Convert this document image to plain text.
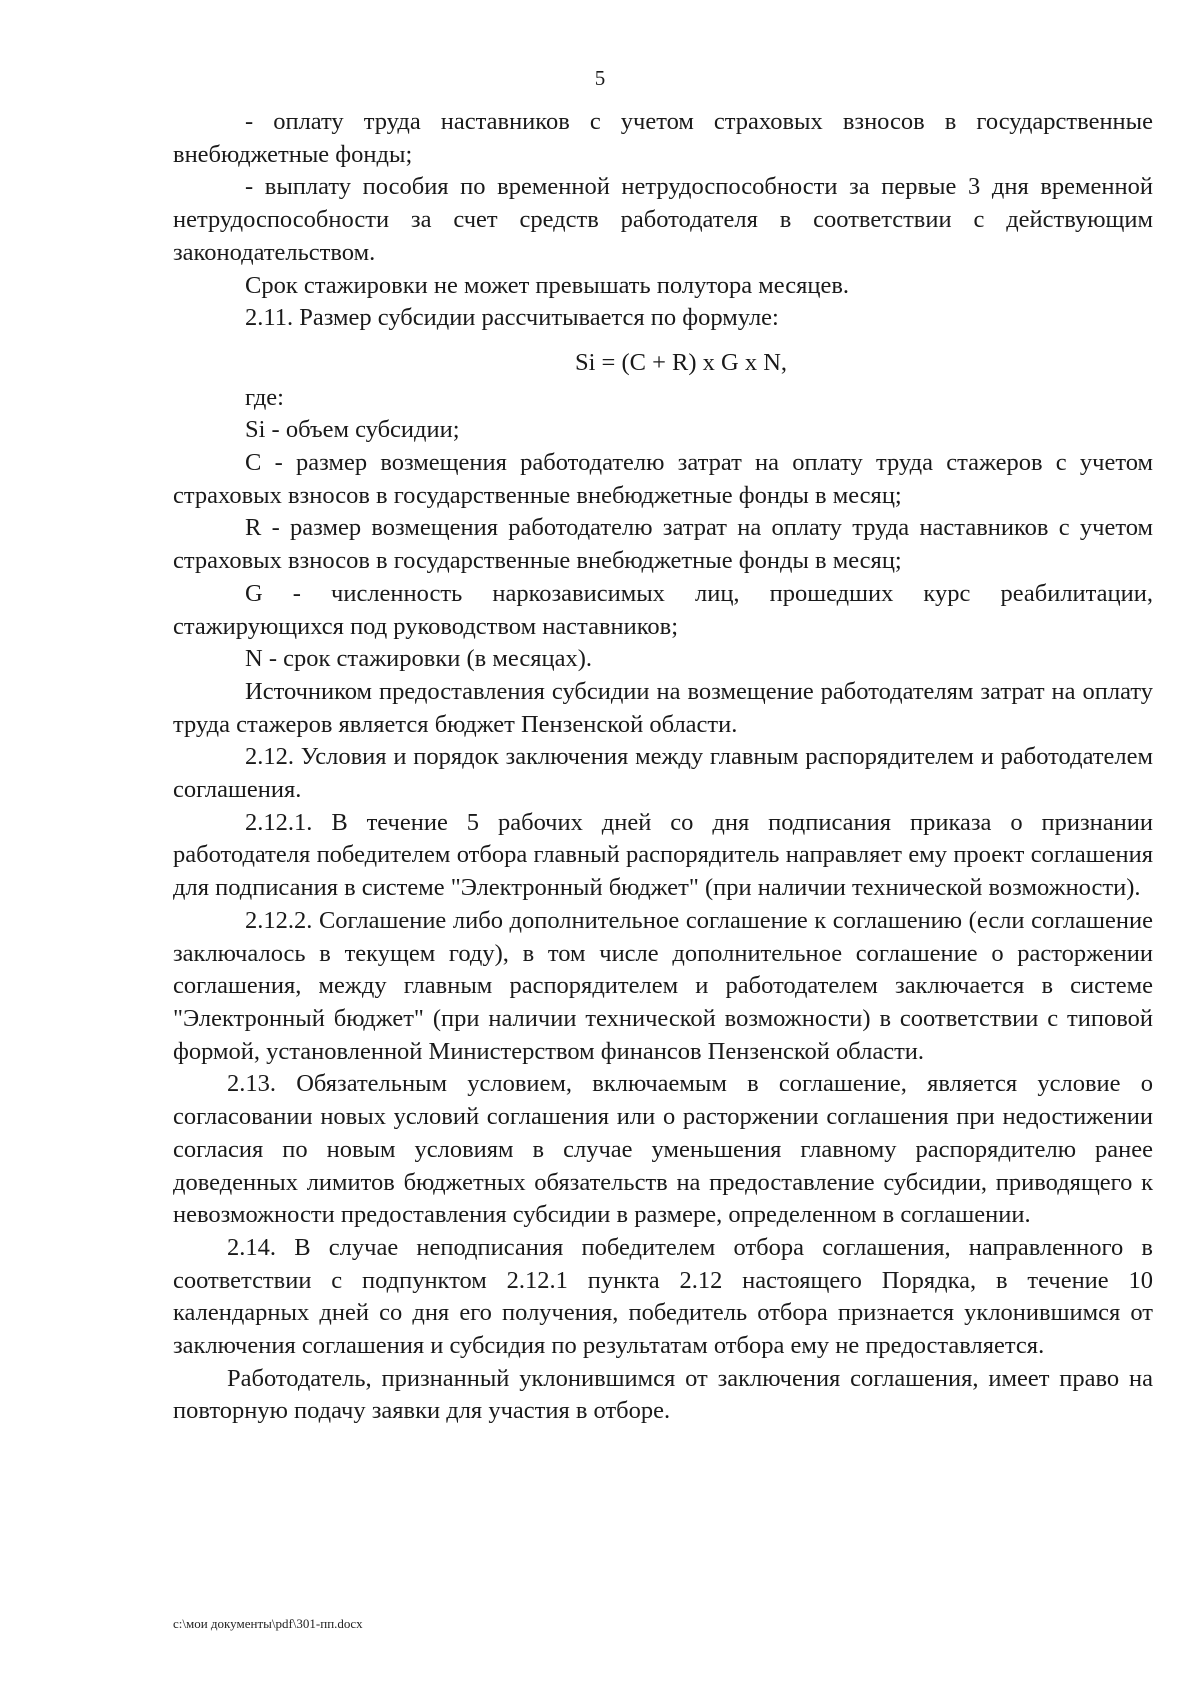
5

- оплату труда наставников с учетом страховых взносов в государственные внебюджетные фонды;

- выплату пособия по временной нетрудоспособности за первые 3 дня временной нетрудоспособности за счет средств работодателя в соответствии с действующим законодательством.

Срок стажировки не может превышать полутора месяцев.

2.11. Размер субсидии рассчитывается по формуле:

Si = (C + R) x G x N,

где:

Si - объем субсидии;

C - размер возмещения работодателю затрат на оплату труда стажеров с учетом страховых взносов в государственные внебюджетные фонды в месяц;

R - размер возмещения работодателю затрат на оплату труда наставников с учетом страховых взносов в государственные внебюджетные фонды в месяц;

G - численность наркозависимых лиц, прошедших курс реабилитации, стажирующихся под руководством наставников;

N - срок стажировки (в месяцах).

Источником предоставления субсидии на возмещение работодателям затрат на оплату труда стажеров является бюджет Пензенской области.

2.12. Условия и порядок заключения между главным распорядителем и работодателем соглашения.

2.12.1. В течение 5 рабочих дней со дня подписания приказа о признании работодателя победителем отбора главный распорядитель направляет ему проект соглашения для подписания в системе "Электронный бюджет" (при наличии технической возможности).

2.12.2. Соглашение либо дополнительное соглашение к соглашению (если соглашение заключалось в текущем году), в том числе дополнительное соглашение о расторжении соглашения, между главным распорядителем и работодателем заключается в системе "Электронный бюджет" (при наличии технической возможности) в соответствии с типовой формой, установленной Министерством финансов Пензенской области.

2.13. Обязательным условием, включаемым в соглашение, является условие о согласовании новых условий соглашения или о расторжении соглашения при недостижении согласия по новым условиям в случае уменьшения главному распорядителю ранее доведенных лимитов бюджетных обязательств на предоставление субсидии, приводящего к невозможности предоставления субсидии в размере, определенном в соглашении.

2.14. В случае неподписания победителем отбора соглашения, направленного в соответствии с подпунктом 2.12.1 пункта 2.12 настоящего Порядка, в течение 10 календарных дней со дня его получения, победитель отбора признается уклонившимся от заключения соглашения и субсидия по результатам отбора ему не предоставляется.

Работодатель, признанный уклонившимся от заключения соглашения, имеет право на повторную подачу заявки для участия в отборе.

c:\мои документы\pdf\301-пп.docx
